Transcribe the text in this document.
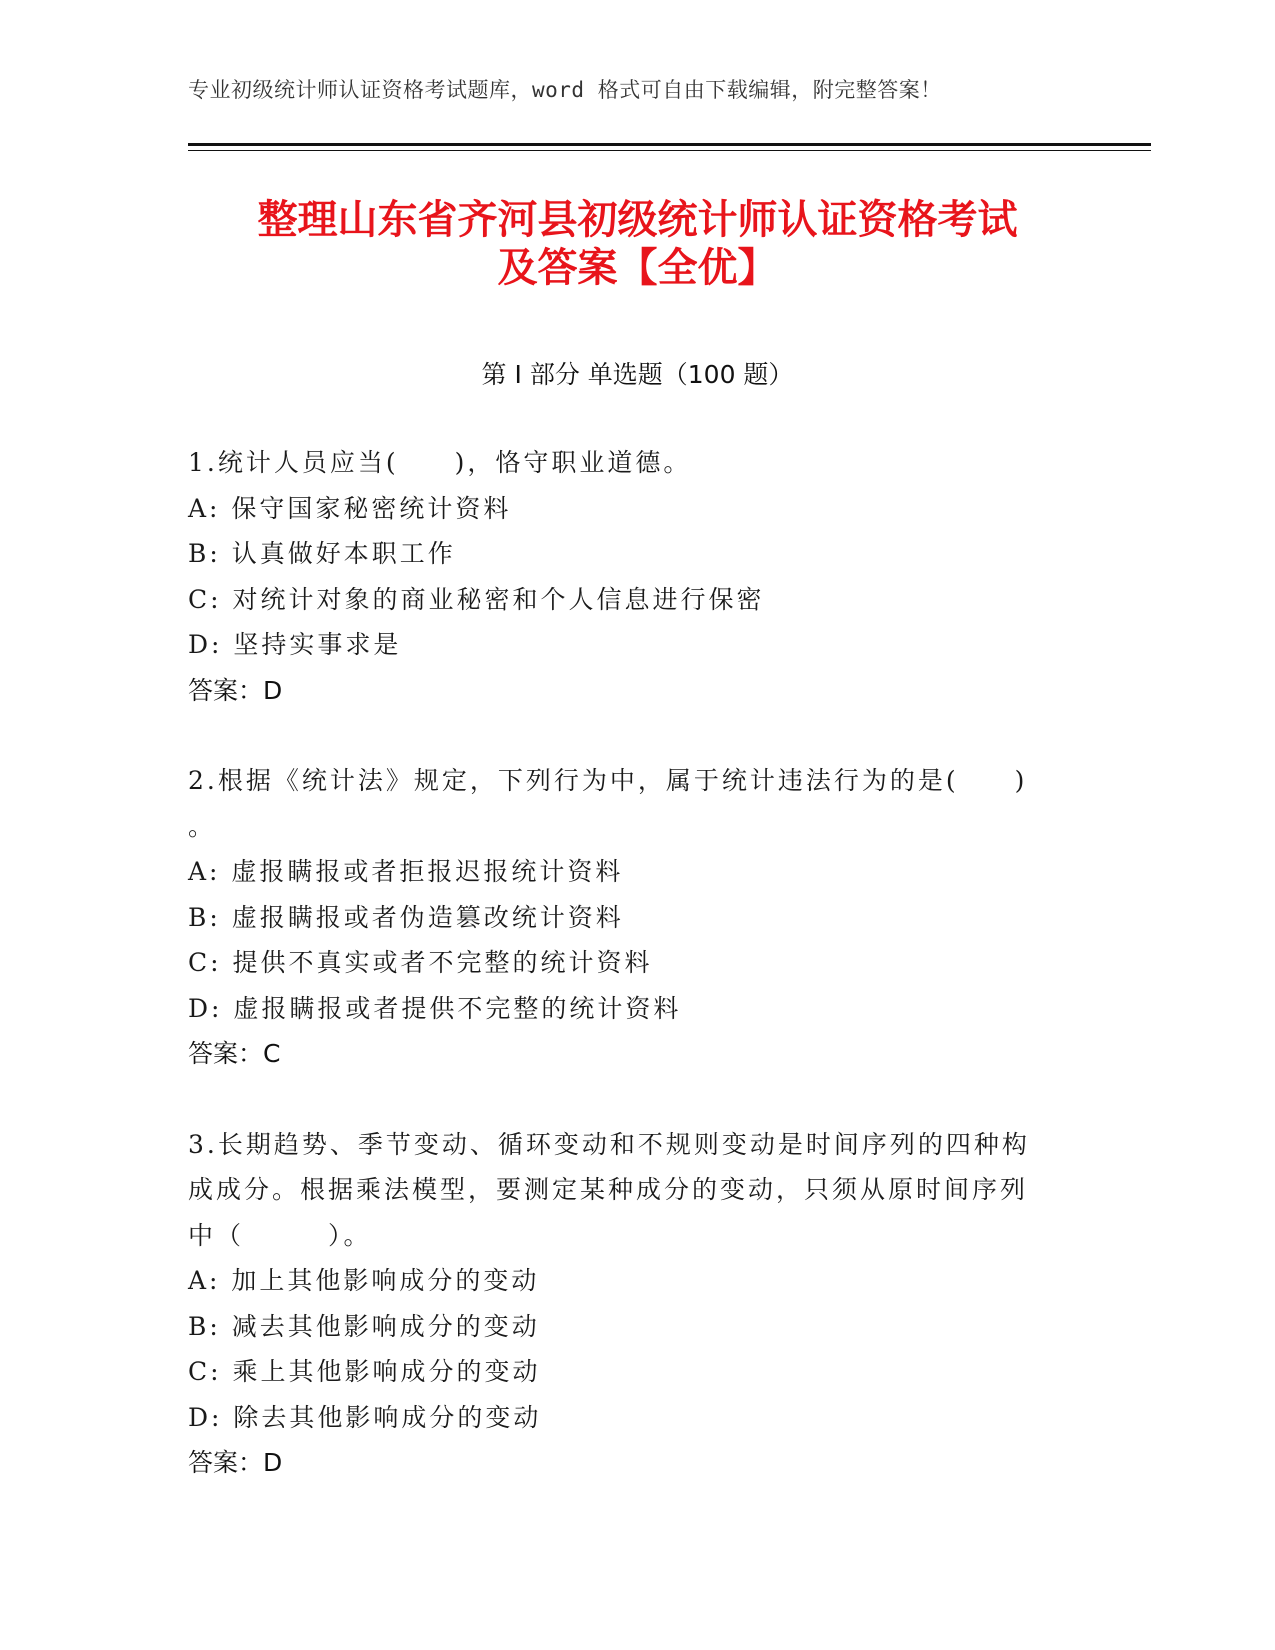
专业初级统计师认证资格考试题库，word 格式可自由下载编辑，附完整答案！
整理山东省齐河县初级统计师认证资格考试
及答案【全优】
第 I 部分 单选题（100 题）
1.统计人员应当(　　)，恪守职业道德。
A: 保守国家秘密统计资料
B: 认真做好本职工作
C: 对统计对象的商业秘密和个人信息进行保密
D: 坚持实事求是
答案：D
2.根据《统计法》规定，下列行为中，属于统计违法行为的是(　　)
。
A: 虚报瞒报或者拒报迟报统计资料
B: 虚报瞒报或者伪造篡改统计资料
C: 提供不真实或者不完整的统计资料
D: 虚报瞒报或者提供不完整的统计资料
答案：C
3.长期趋势、季节变动、循环变动和不规则变动是时间序列的四种构
成成分。根据乘法模型，要测定某种成分的变动，只须从原时间序列
中（　　　）。
A: 加上其他影响成分的变动
B: 减去其他影响成分的变动
C: 乘上其他影响成分的变动
D: 除去其他影响成分的变动
答案：D
